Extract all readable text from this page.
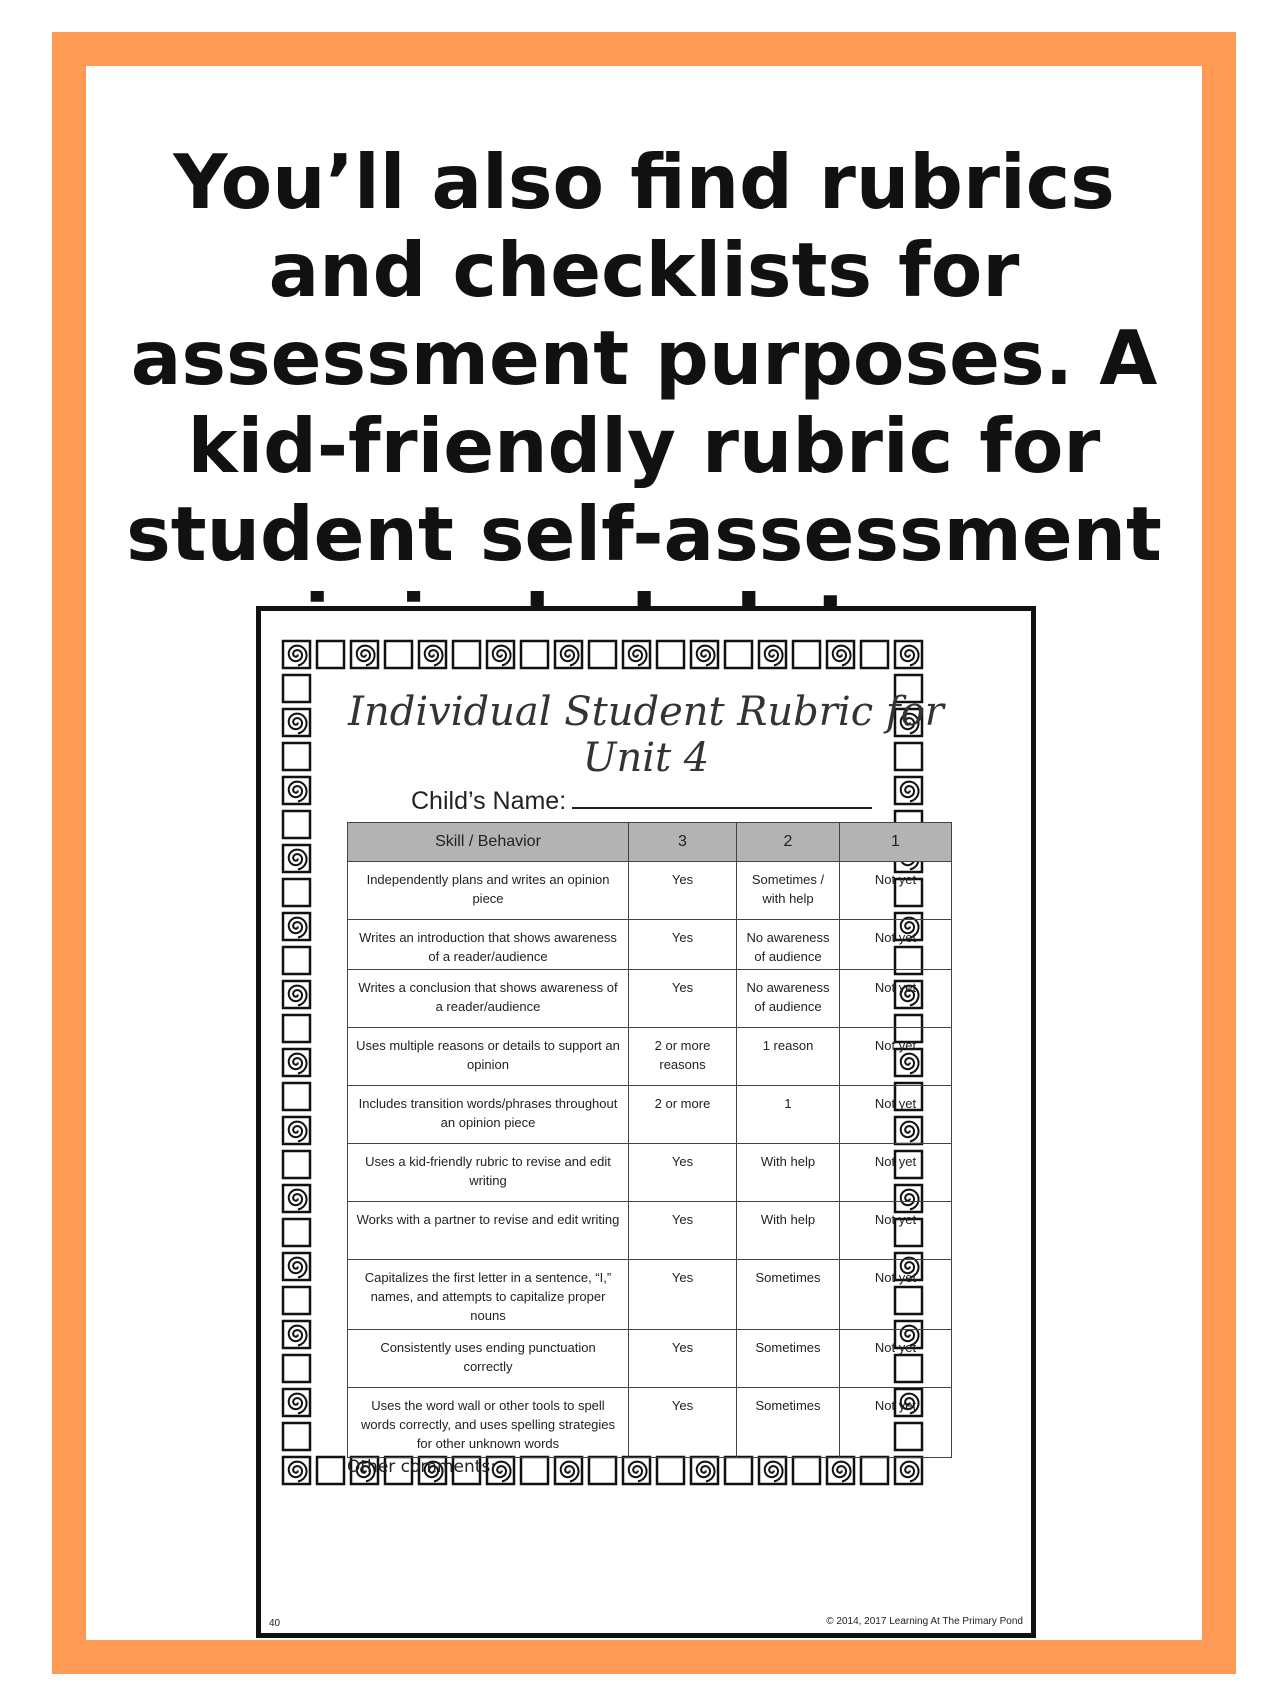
You’ll also find rubrics and checklists for assessment purposes. A kid-friendly rubric for student self-assessment
Individual Student Rubric for Unit 4
Child’s Name:
Skill / Behavior	3	2	1
Independently plans and writes an opinion piece	Yes	Sometimes / with help	Not yet
Writes an introduction that shows awareness of a reader/audience	Yes	No awareness of audience	Not yet
Writes a conclusion that shows awareness of a reader/audience	Yes	No awareness of audience	Not yet
Uses multiple reasons or details to support an opinion	2 or more reasons	1 reason	Not yet
Includes transition words/phrases throughout an opinion piece	2 or more	1	Not yet
Uses a kid-friendly rubric to revise and edit writing	Yes	With help	Not yet
Works with a partner to revise and edit writing	Yes	With help	Not yet
Capitalizes the first letter in a sentence, “I,” names, and attempts to capitalize proper nouns	Yes	Sometimes	Not yet
Consistently uses ending punctuation correctly	Yes	Sometimes	Not yet
Uses the word wall or other tools to spell words correctly, and uses spelling strategies for other unknown words	Yes	Sometimes	Not yet
Other comments:
40	© 2014, 2017 Learning At The Primary Pond
